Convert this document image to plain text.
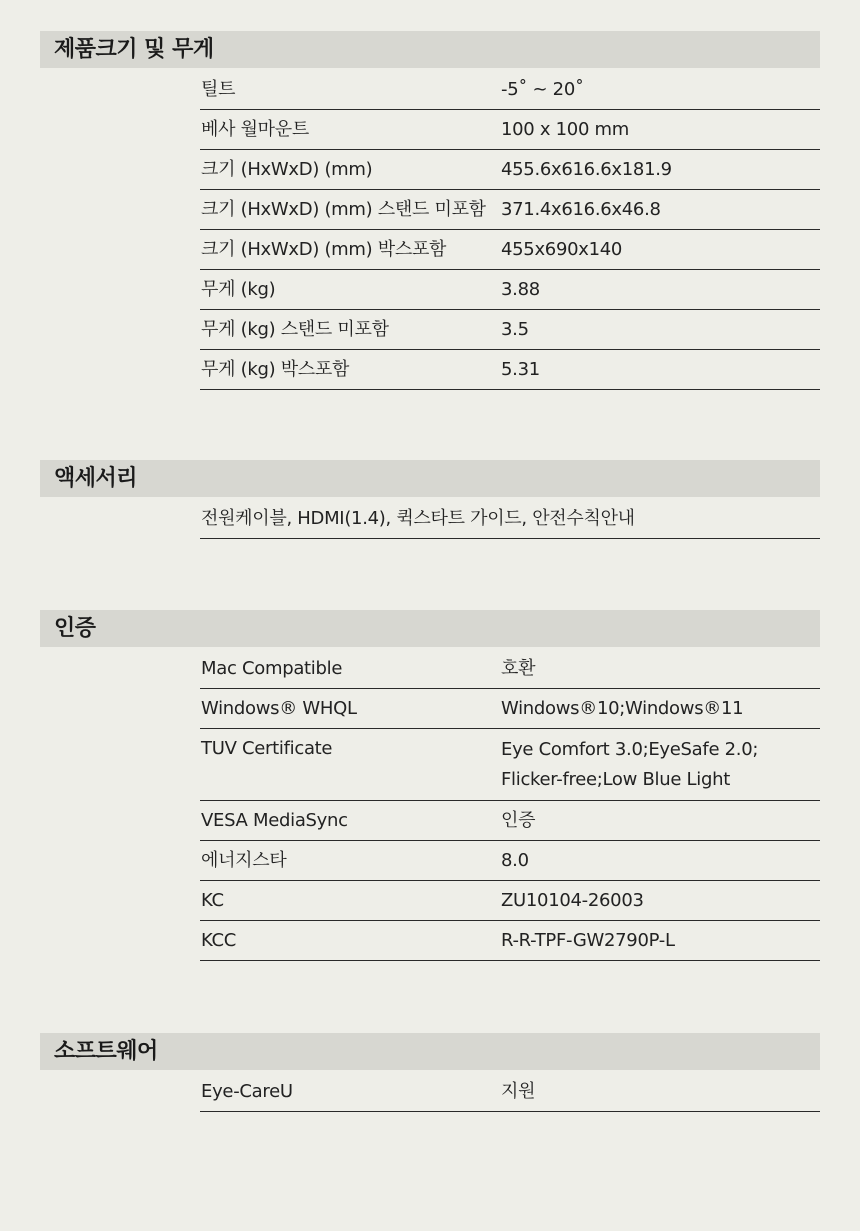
제품크기 및 무게
틸트	-5˚ ~ 20˚
베사 월마운트	100 x 100 mm
크기 (HxWxD) (mm)	455.6x616.6x181.9
크기 (HxWxD) (mm) 스탠드 미포함 371.4x616.6x46.8
크기 (HxWxD) (mm) 박스포함	455x690x140
무게 (kg)	3.88
무게 (kg) 스탠드 미포함	3.5
무게 (kg) 박스포함	5.31
액세서리
전원케이블, HDMI(1.4), 퀵스타트 가이드, 안전수칙안내
인증
Mac Compatible	호환
Windows® WHQL	Windows®10;Windows®11
TUV Certificate	Eye Comfort 3.0;EyeSafe 2.0;
Flicker-free;Low Blue Light
VESA MediaSync	인증
에너지스타	8.0
KC	ZU10104-26003
KCC	R-R-TPF-GW2790P-L
소프트웨어
Eye-CareU	지원
